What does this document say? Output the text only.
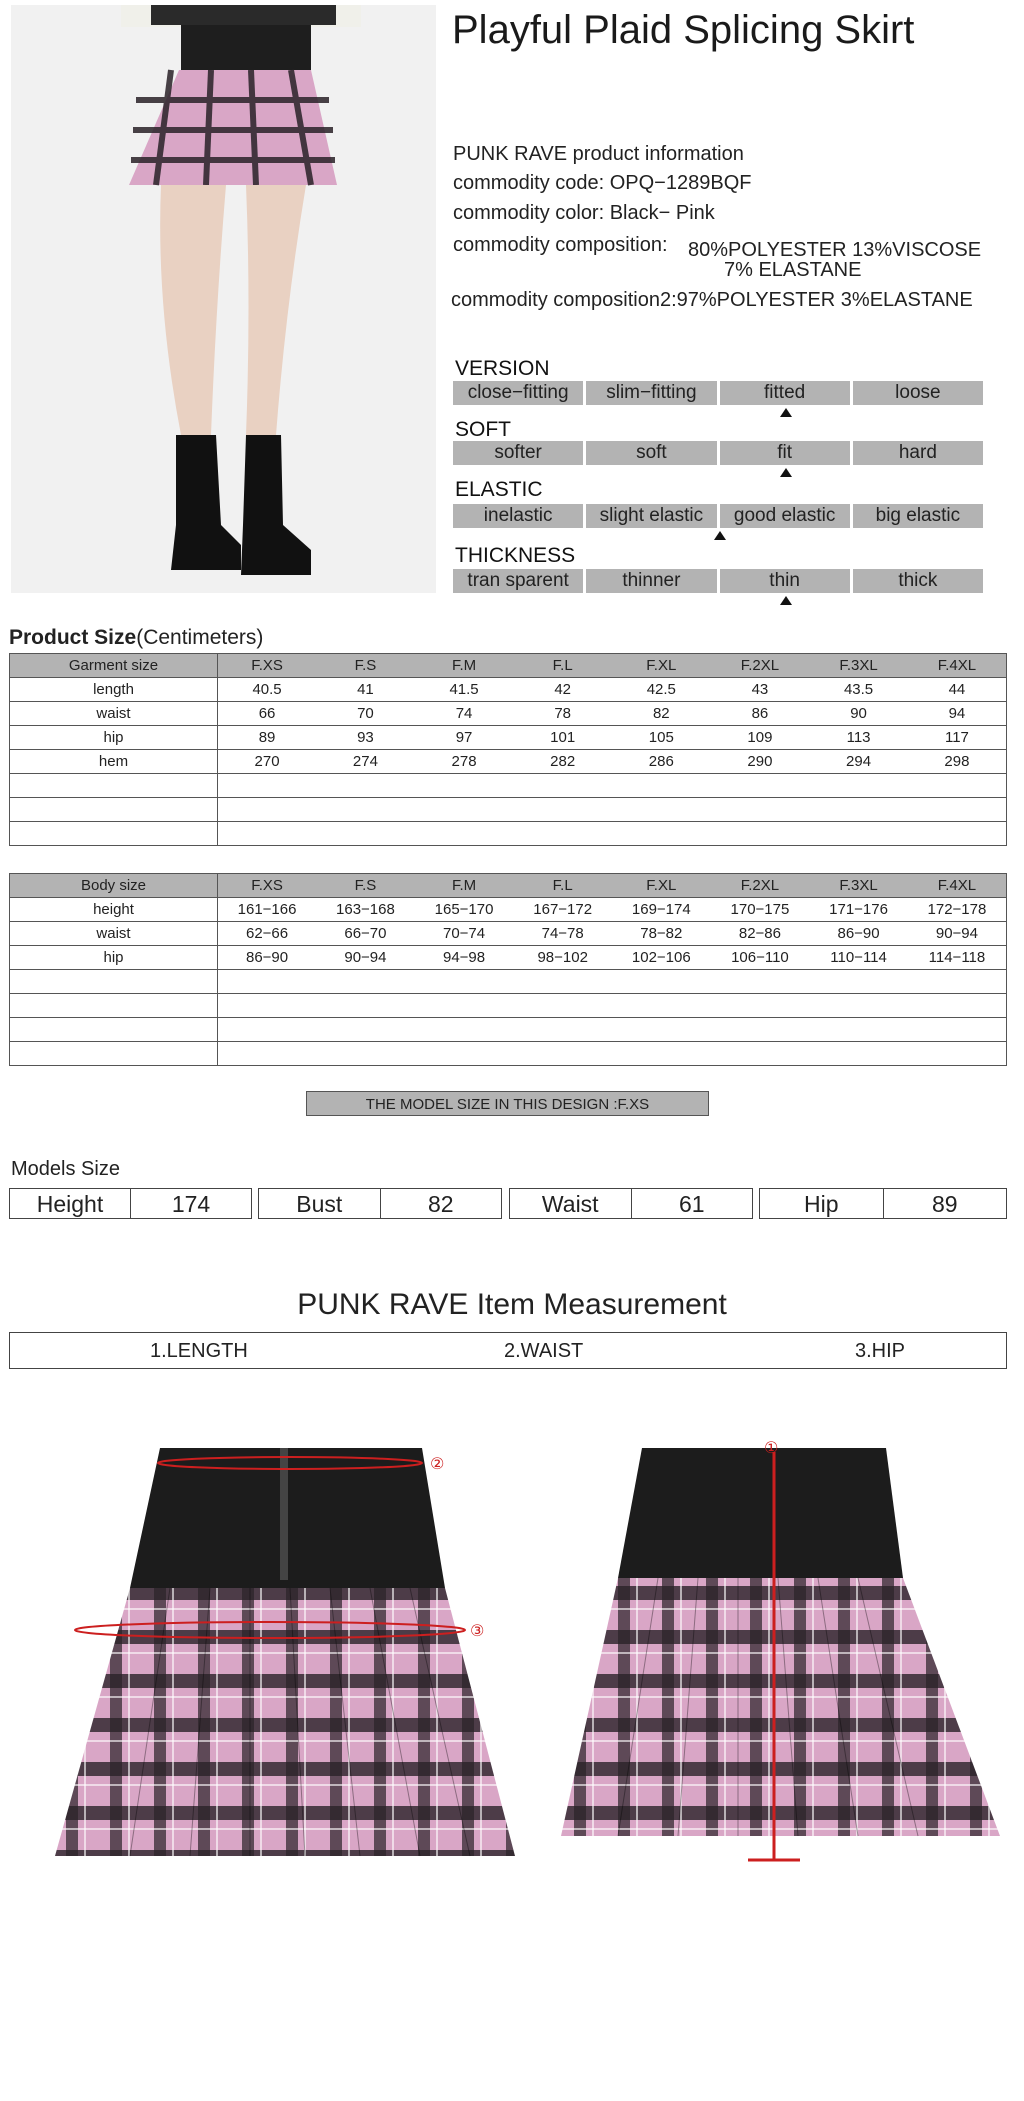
Playful Plaid Splicing Skirt
PUNK RAVE product information
commodity code: OPQ−1289BQF
commodity color: Black− Pink
commodity composition: 80%POLYESTER 13%VISCOSE
7% ELASTANE
commodity composition2:97%POLYESTER 3%ELASTANE
VERSION
close−fitting	slim−fitting	fitted	loose
SOFT
softer	soft	fit	hard
ELASTIC
inelastic	slight elastic	good elastic	big elastic
THICKNESS
tran sparent	thinner	thin	thick
Product Size(Centimeters)
Garment size	F.XS	F.S	F.M	F.L	F.XL	F.2XL	F.3XL	F.4XL
length	40.5	41	41.5	42	42.5	43	43.5	44
waist	66	70	74	78	82	86	90	94
hip	89	93	97	101	105	109	113	117
hem	270	274	278	282	286	290	294	298

Body size	F.XS	F.S	F.M	F.L	F.XL	F.2XL	F.3XL	F.4XL
height	161−166	163−168	165−170	167−172	169−174	170−175	171−176	172−178
waist	62−66	66−70	70−74	74−78	78−82	82−86	86−90	90−94
hip	86−90	90−94	94−98	98−102	102−106	106−110	110−114	114−118

THE MODEL SIZE IN THIS DESIGN :F.XS
Models Size
Height	174	Bust	82	Waist	61	Hip	89
PUNK RAVE Item Measurement
1.LENGTH	2.WAIST	3.HIP
②
③
①
